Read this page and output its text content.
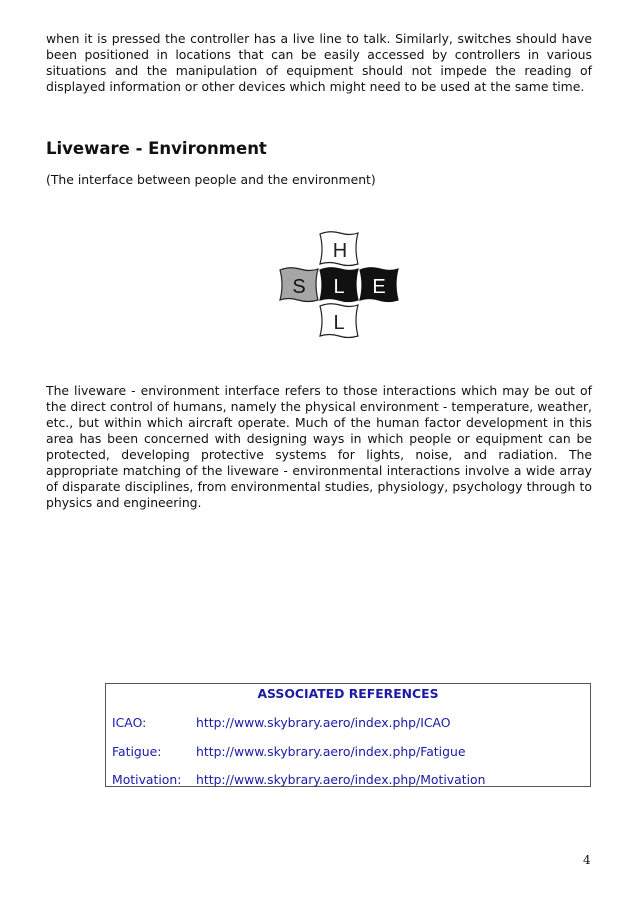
when it is pressed the controller has a live line to talk. Similarly, switches should have been positioned in locations that can be easily accessed by controllers in various situations and the manipulation of equipment should not impede the reading of displayed information or other devices which might need to be used at the same time.

Liveware - Environment

(The interface between people and the environment)

H
S L E
L

The liveware - environment interface refers to those interactions which may be out of the direct control of humans, namely the physical environment - temperature, weather, etc., but within which aircraft operate. Much of the human factor development in this area has been concerned with designing ways in which people or equipment can be protected, developing protective systems for lights, noise, and radiation. The appropriate matching of the liveware - environmental interactions involve a wide array of disparate disciplines, from environmental studies, physiology, psychology through to physics and engineering.

ASSOCIATED REFERENCES
ICAO:	http://www.skybrary.aero/index.php/ICAO
Fatigue:	http://www.skybrary.aero/index.php/Fatigue
Motivation: http://www.skybrary.aero/index.php/Motivation
4
